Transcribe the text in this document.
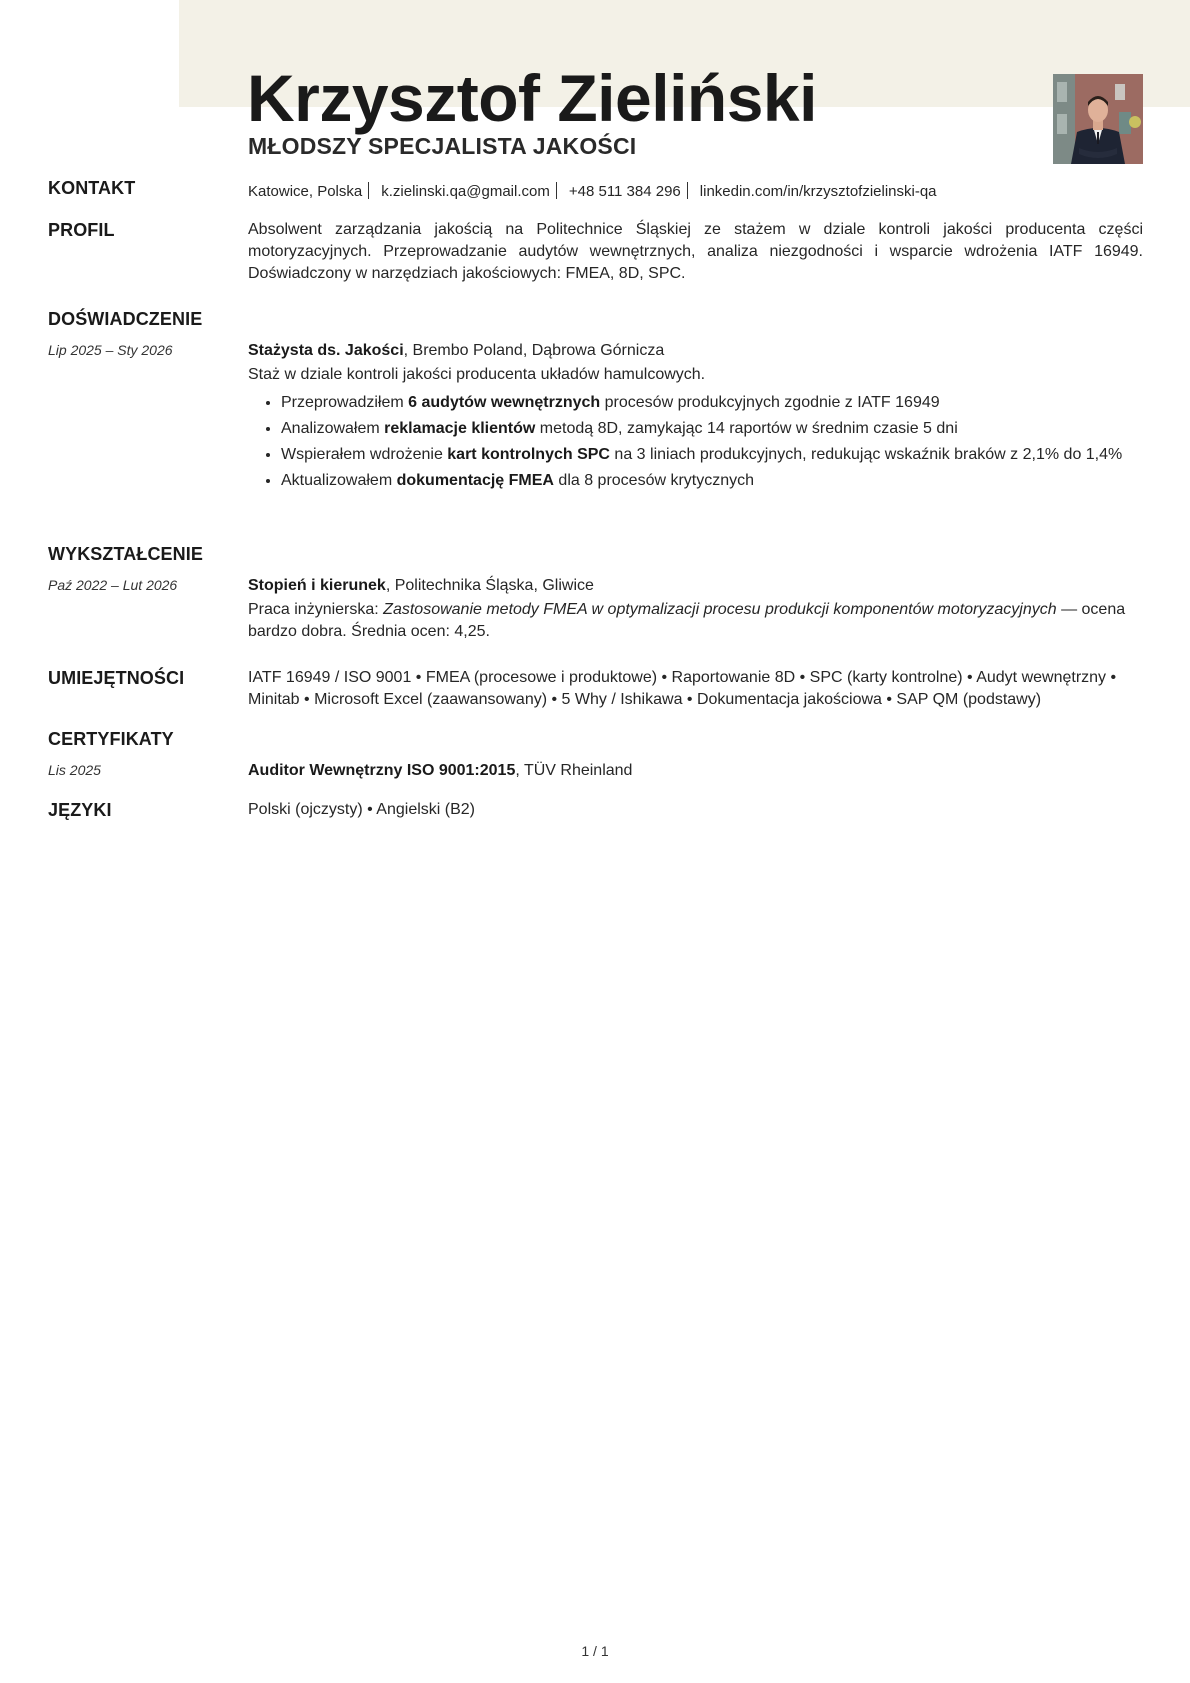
Krzysztof Zieliński
MŁODSZY SPECJALISTA JAKOŚCI
KONTAKT	Katowice, Polska k.zielinski.qa@gmail.com +48 511 384 296 linkedin.com/in/krzysztofzielinski-qa
PROFIL	Absolwent zarządzania jakością na Politechnice Śląskiej ze stażem w dziale kontroli jakości producenta części motoryzacyjnych. Przeprowadzanie audytów wewnętrznych, analiza niezgodności i wsparcie wdrożenia IATF 16949. Doświadczony w narzędziach jakościowych: FMEA, 8D, SPC.
DOŚWIADCZENIE
Lip 2025 – Sty 2026	Stażysta ds. Jakości, Brembo Poland, Dąbrowa Górnicza
Staż w dziale kontroli jakości producenta układów hamulcowych.
• Przeprowadziłem 6 audytów wewnętrznych procesów produkcyjnych zgodnie z IATF 16949
• Analizowałem reklamacje klientów metodą 8D, zamykając 14 raportów w średnim czasie 5 dni
• Wspierałem wdrożenie kart kontrolnych SPC na 3 liniach produkcyjnych, redukując wskaźnik braków z 2,1% do 1,4%
• Aktualizowałem dokumentację FMEA dla 8 procesów krytycznych
WYKSZTAŁCENIE
Paź 2022 – Lut 2026	Stopień i kierunek, Politechnika Śląska, Gliwice
Praca inżynierska: Zastosowanie metody FMEA w optymalizacji procesu produkcji komponentów motoryzacyjnych — ocena bardzo dobra. Średnia ocen: 4,25.
UMIEJĘTNOŚCI	IATF 16949 / ISO 9001 • FMEA (procesowe i produktowe) • Raportowanie 8D • SPC (karty kontrolne) • Audyt wewnętrzny • Minitab • Microsoft Excel (zaawansowany) • 5 Why / Ishikawa • Dokumentacja jakościowa • SAP QM (podstawy)
CERTYFIKATY
Lis 2025	Auditor Wewnętrzny ISO 9001:2015, TÜV Rheinland
JĘZYKI	Polski (ojczysty) • Angielski (B2)
1 / 1
